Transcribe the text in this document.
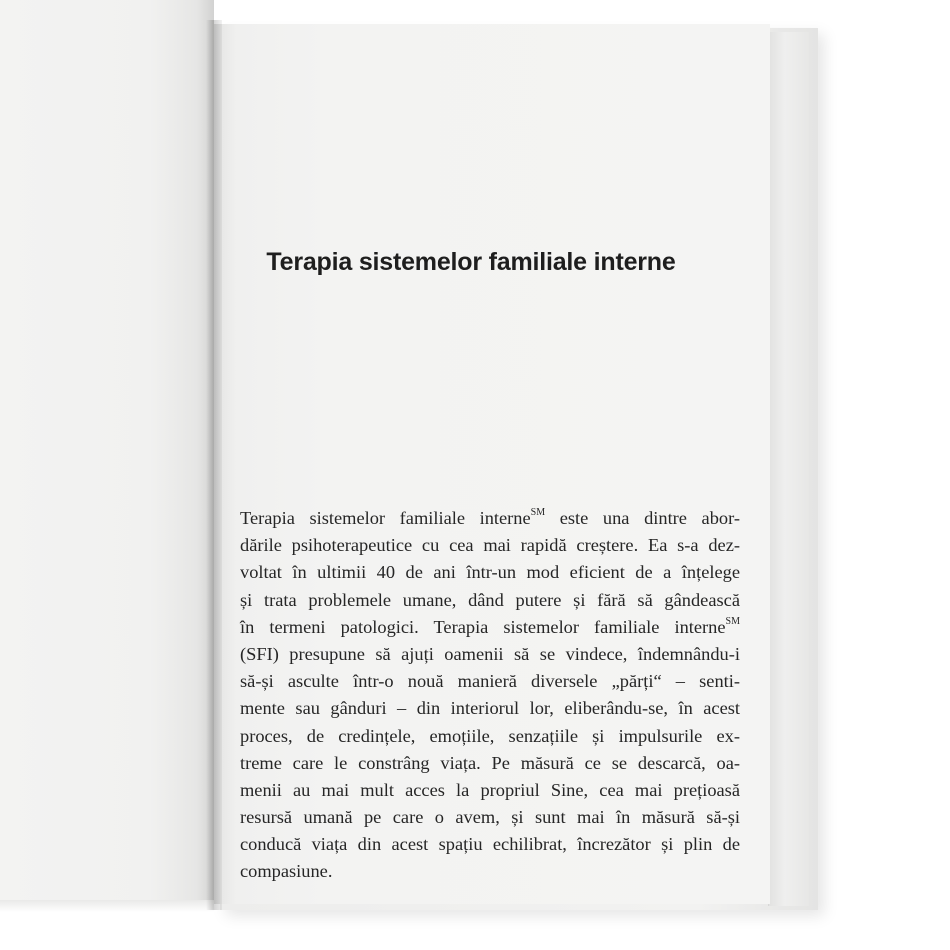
Terapia sistemelor familiale interne
Terapia sistemelor familiale interne℠ este una dintre abor-
dările psihoterapeutice cu cea mai rapidă creștere. Ea s-a dez-
voltat în ultimii 40 de ani într-un mod eficient de a înțelege
și trata problemele umane, dând putere și fără să gândească
în termeni patologici. Terapia sistemelor familiale interne℠
(SFI) presupune să ajuți oamenii să se vindece, îndemnându-i
să-și asculte într-o nouă manieră diversele „părți“ – senti-
mente sau gânduri – din interiorul lor, eliberându-se, în acest
proces, de credințele, emoțiile, senzațiile și impulsurile ex-
treme care le constrâng viața. Pe măsură ce se descarcă, oa-
menii au mai mult acces la propriul Sine, cea mai prețioasă
resursă umană pe care o avem, și sunt mai în măsură să-și
conducă viața din acest spațiu echilibrat, încrezător și plin de
compasiune.
